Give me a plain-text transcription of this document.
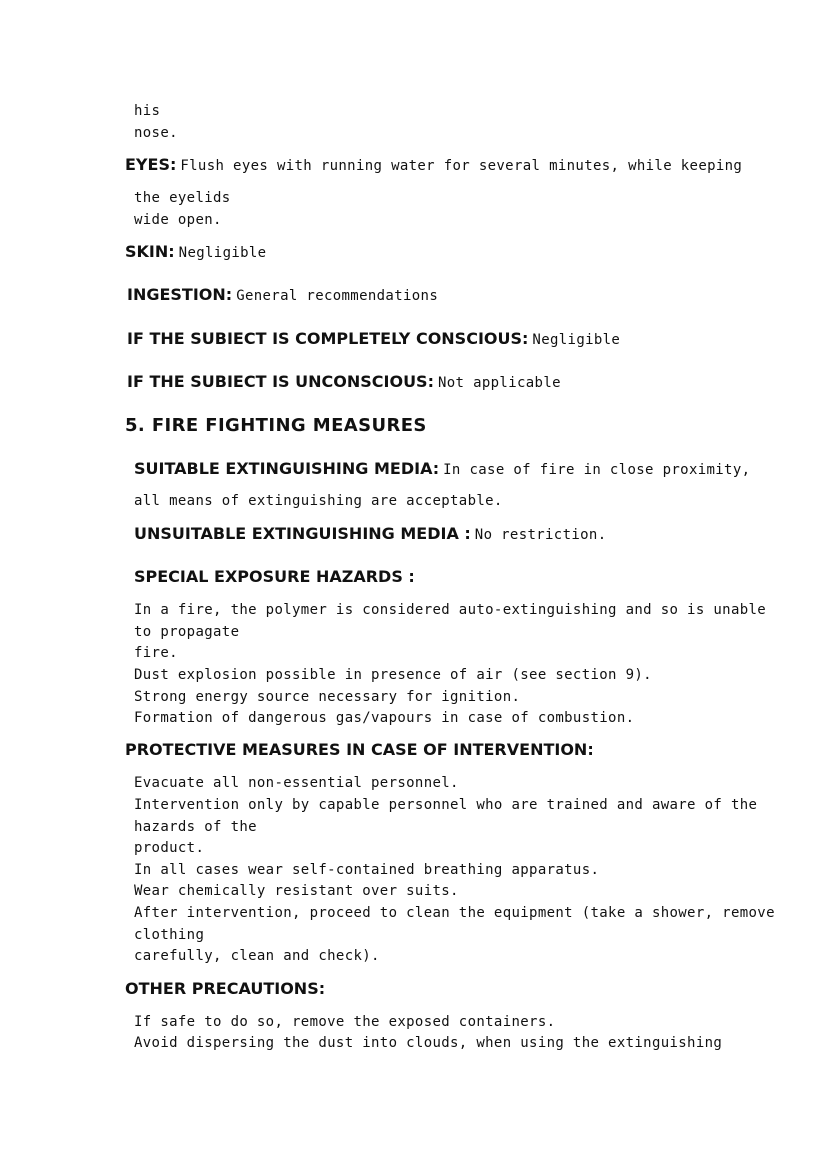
his
nose.
EYES: Flush eyes with running water for several minutes, while keeping
the eyelids
wide open.
SKIN: Negligible
INGESTION: General recommendations
IF THE SUBIECT IS COMPLETELY CONSCIOUS: Negligible
IF THE SUBIECT IS UNCONSCIOUS: Not applicable
5. FIRE FIGHTING MEASURES
SUITABLE EXTINGUISHING MEDIA: In case of fire in close proximity,
all means of extinguishing are acceptable.
UNSUITABLE EXTINGUISHING MEDIA : No restriction.
SPECIAL EXPOSURE HAZARDS :
In a fire, the polymer is considered auto-extinguishing and so is unable
to propagate
fire.
Dust explosion possible in presence of air (see section 9).
Strong energy source necessary for ignition.
Formation of dangerous gas/vapours in case of combustion.
PROTECTIVE MEASURES IN CASE OF INTERVENTION:
Evacuate all non-essential personnel.
Intervention only by capable personnel who are trained and aware of the
hazards of the
product.
In all cases wear self-contained breathing apparatus.
Wear chemically resistant over suits.
After intervention, proceed to clean the equipment (take a shower, remove
clothing
carefully, clean and check).
OTHER PRECAUTIONS:
If safe to do so, remove the exposed containers.
Avoid dispersing the dust into clouds, when using the extinguishing
